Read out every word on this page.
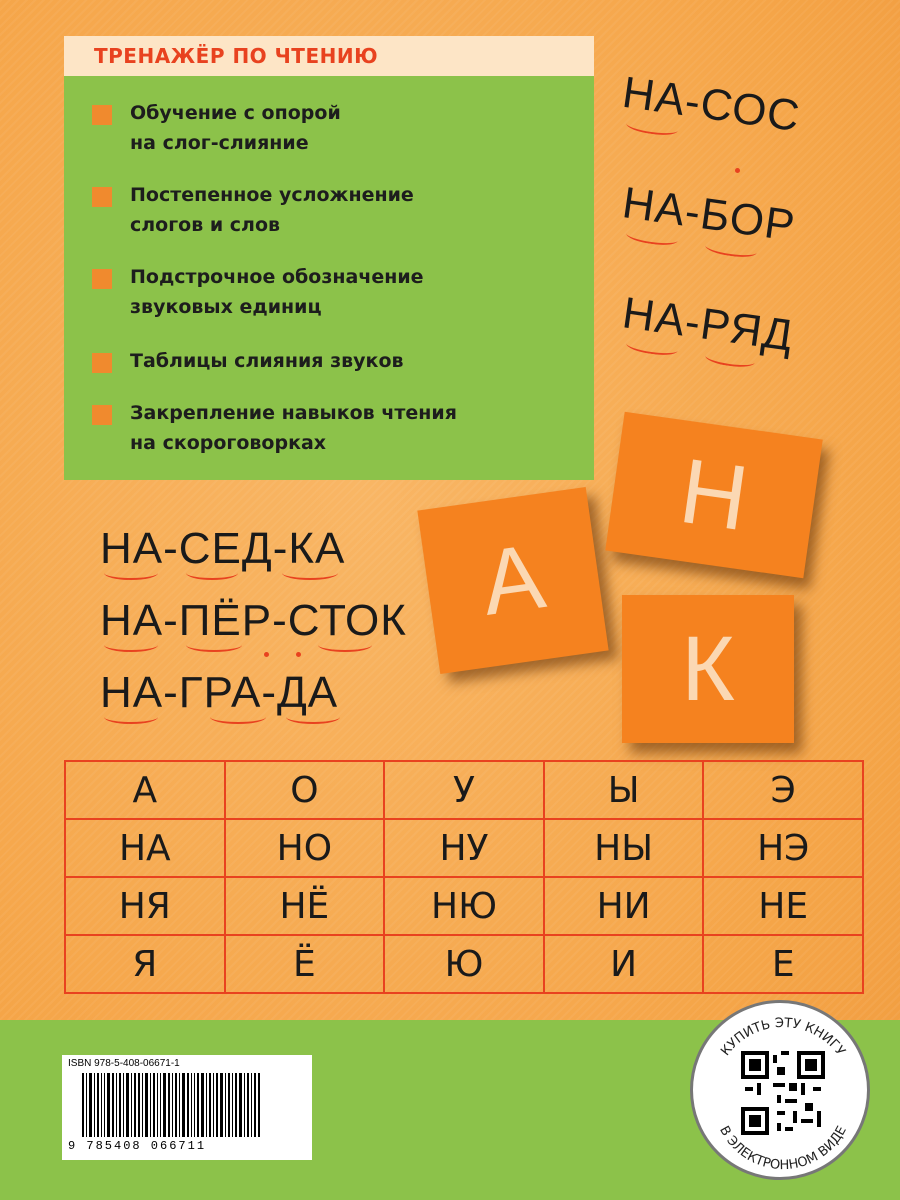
ТРЕНАЖЁР ПО ЧТЕНИЮ
Обучение с опорой
на слог-слияние
Постепенное усложнение
слогов и слов
Подстрочное обозначение
звуковых единиц
Таблицы слияния звуков
Закрепление навыков чтения
на скороговорках
НА-СОС
НА-БОР
НА-РЯД
НА-СЕД-КА
НА-ПЁР-СТОК
НА-ГРА-ДА
А
Н
К
А	О	У	Ы	Э
НА	НО	НУ	НЫ	НЭ
НЯ	НЁ	НЮ	НИ	НЕ
Я	Ё	Ю	И	Е
ISBN 978-5-408-06671-1
9 785408 066711
КУПИТЬ ЭТУ КНИГУ
В ЭЛЕКТРОННОМ ВИДЕ
